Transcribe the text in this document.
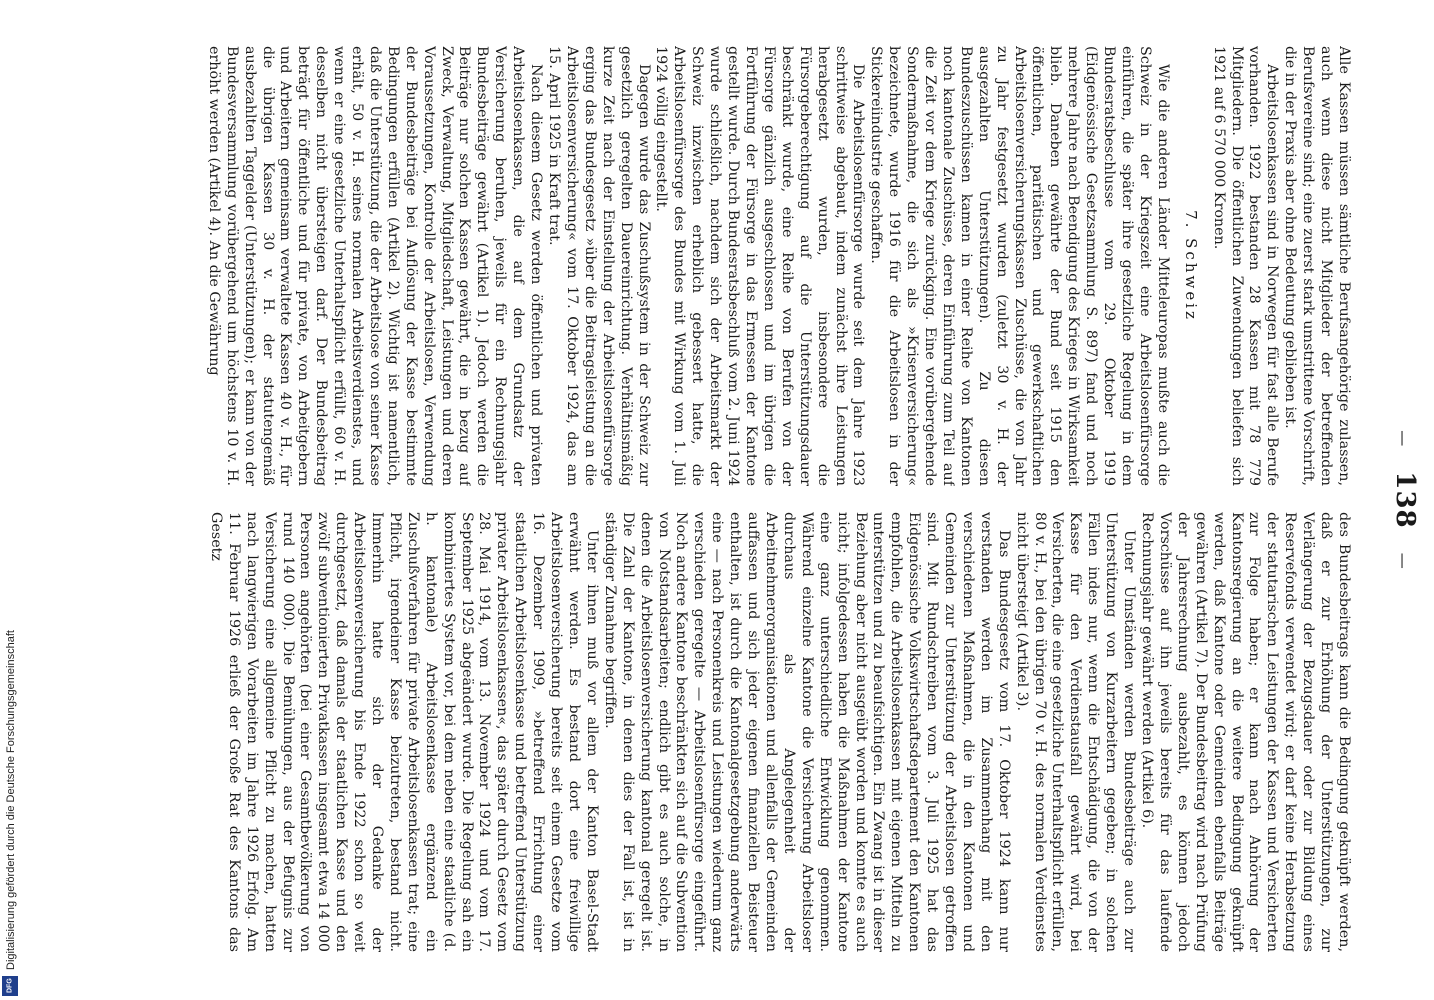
— 138 —

Alle Kassen müssen sämtliche Berufsangehörige zulassen, auch wenn diese nicht Mitglieder der betreffenden Berufsvereine sind; eine zuerst stark umstrittene Vorschrift, die in der Praxis aber ohne Bedeutung geblieben ist.

Arbeitslosenkassen sind in Norwegen für fast alle Berufe vorhanden. 1922 bestanden 28 Kassen mit 78 779 Mitgliedern. Die öffentlichen Zuwendungen beliefen sich 1921 auf 6 570 000 Kronen.

7. Schweiz

Wie die anderen Länder Mitteleuropas mußte auch die Schweiz in der Kriegszeit eine Arbeitslosenfürsorge einführen, die später ihre gesetzliche Regelung in dem Bundesratsbeschlusse vom 29. Oktober 1919 (Eidgenössische Gesetzsammlung S. 897) fand und noch mehrere Jahre nach Beendigung des Krieges in Wirksamkeit blieb. Daneben gewährte der Bund seit 1915 den öffentlichen, paritätischen und gewerkschaftlichen Arbeitslosenversicherungskassen Zuschüsse, die von Jahr zu Jahr festgesetzt wurden (zuletzt 30 v. H. der ausgezahlten Unterstützungen). Zu diesen Bundeszuschüssen kamen in einer Reihe von Kantonen noch kantonale Zuschüsse, deren Einführung zum Teil auf die Zeit vor dem Kriege zurückging. Eine vorübergehende Sondermaßnahme, die sich als »Krisenversicherung« bezeichnete, wurde 1916 für die Arbeitslosen in der Stickereiindustrie geschaffen.

Die Arbeitslosenfürsorge wurde seit dem Jahre 1923 schrittweise abgebaut, indem zunächst ihre Leistungen herabgesetzt wurden, insbesondere die Fürsorgeberechtigung auf die Unterstützungsdauer beschränkt wurde, eine Reihe von Berufen von der Fürsorge gänzlich ausgeschlossen und im übrigen die Fortführung der Fürsorge in das Ermessen der Kantone gestellt wurde. Durch Bundesratsbeschluß vom 2. Juni 1924 wurde schließlich, nachdem sich der Arbeitsmarkt der Schweiz inzwischen erheblich gebessert hatte, die Arbeitslosenfürsorge des Bundes mit Wirkung vom 1. Juli 1924 völlig eingestellt.

Dagegen wurde das Zuschußsystem in der Schweiz zur gesetzlich geregelten Dauereinrichtung. Verhältnismäßig kurze Zeit nach der Einstellung der Arbeitslosenfürsorge erging das Bundesgesetz »über die Beitragsleistung an die Arbeitslosenversicherung« vom 17. Oktober 1924, das am 15. April 1925 in Kraft trat.

Nach diesem Gesetz werden öffentlichen und privaten Arbeitslosenkassen, die auf dem Grundsatz der Versicherung beruhen, jeweils für ein Rechnungsjahr Bundesbeiträge gewährt (Artikel 1). Jedoch werden die Beiträge nur solchen Kassen gewährt, die in bezug auf Zweck, Verwaltung, Mitgliedschaft, Leistungen und deren Voraussetzungen, Kontrolle der Arbeitslosen, Verwendung der Bundesbeiträge bei Auflösung der Kasse bestimmte Bedingungen erfüllen (Artikel 2). Wichtig ist namentlich, daß die Unterstützung, die der Arbeitslose von seiner Kasse erhält, 50 v. H. seines normalen Arbeitsverdienstes, und wenn er eine gesetzliche Unterhaltspflicht erfüllt, 60 v. H. desselben nicht übersteigen darf. Der Bundesbeitrag beträgt für öffentliche und für private, von Arbeitgebern und Arbeitern gemeinsam verwaltete Kassen 40 v. H., für die übrigen Kassen 30 v. H. der statutengemäß ausbezahlten Taggelder (Unterstützungen); er kann von der Bundesversammlung vorübergehend um höchstens 10 v. H. erhöht werden (Artikel 4). An die Gewährung

des Bundesbeitrags kann die Bedingung geknüpft werden, daß er zur Erhöhung der Unterstützungen, zur Verlängerung der Bezugsdauer oder zur Bildung eines Reservefonds verwendet wird; er darf keine Herabsetzung der statutarischen Leistungen der Kassen und Versicherten zur Folge haben; er kann nach Anhörung der Kantonsregierung an die weitere Bedingung geknüpft werden, daß Kantone oder Gemeinden ebenfalls Beiträge gewähren (Artikel 7). Der Bundesbeitrag wird nach Prüfung der Jahresrechnung ausbezahlt, es können jedoch Vorschüsse auf ihn jeweils bereits für das laufende Rechnungsjahr gewährt werden (Artikel 6).

Unter Umständen werden Bundesbeiträge auch zur Unterstützung von Kurzarbeitern gegeben; in solchen Fällen indes nur, wenn die Entschädigung, die von der Kasse für den Verdienstausfall gewährt wird, bei Versicherten, die eine gesetzliche Unterhaltspflicht erfüllen, 80 v. H., bei den übrigen 70 v. H. des normalen Verdienstes nicht übersteigt (Artikel 3).

Das Bundesgesetz vom 17. Oktober 1924 kann nur verstanden werden im Zusammenhang mit den verschiedenen Maßnahmen, die in den Kantonen und Gemeinden zur Unterstützung der Arbeitslosen getroffen sind. Mit Rundschreiben vom 3. Juli 1925 hat das Eidgenössische Volkswirtschaftsdepartement den Kantonen empfohlen, die Arbeitslosenkassen mit eigenen Mitteln zu unterstützen und zu beaufsichtigen. Ein Zwang ist in dieser Beziehung aber nicht ausgeübt worden und konnte es auch nicht; infolgedessen haben die Maßnahmen der Kantone eine ganz unterschiedliche Entwicklung genommen. Während einzelne Kantone die Versicherung Arbeitsloser durchaus als Angelegenheit der Arbeitnehmerorganisationen und allenfalls der Gemeinden auffassen und sich jeder eigenen finanziellen Beisteuer enthalten, ist durch die Kantonalgesetzgebung anderwärts eine — nach Personenkreis und Leistungen wiederum ganz verschieden geregelte — Arbeitslosenfürsorge eingeführt. Noch andere Kantone beschränkten sich auf die Subvention von Notstandsarbeiten; endlich gibt es auch solche, in denen die Arbeitslosenversicherung kantonal geregelt ist. Die Zahl der Kantone, in denen dies der Fall ist, ist in ständiger Zunahme begriffen.

Unter ihnen muß vor allem der Kanton Basel-Stadt erwähnt werden. Es bestand dort eine freiwillige Arbeitslosenversicherung bereits seit einem Gesetze vom 16. Dezember 1909, »betreffend Errichtung einer staatlichen Arbeitslosenkasse und betreffend Unterstützung privater Arbeitslosenkassen«, das später durch Gesetz vom 28. Mai 1914, vom 13. November 1924 und vom 17. September 1925 abgeändert wurde. Die Regelung sah ein kombiniertes System vor, bei dem neben eine staatliche (d. h. kantonale) Arbeitslosenkasse ergänzend ein Zuschußverfahren für private Arbeitslosenkassen trat; eine Pflicht, irgendeiner Kasse beizutreten, bestand nicht. Immerhin hatte sich der Gedanke der Arbeitslosenversicherung bis Ende 1922 schon so weit durchgesetzt, daß damals der staatlichen Kasse und den zwölf subventionierten Privatkassen insgesamt etwa 14 000 Personen angehörten (bei einer Gesamtbevölkerung von rund 140 000). Die Bemühungen, aus der Befugnis zur Versicherung eine allgemeine Pflicht zu machen, hatten nach langwierigen Vorarbeiten im Jahre 1926 Erfolg. Am 11. Februar 1926 erließ der Große Rat des Kantons das Gesetz

Digitalisierung gefördert durch die Deutsche Forschungsgemeinschaft
DFG
